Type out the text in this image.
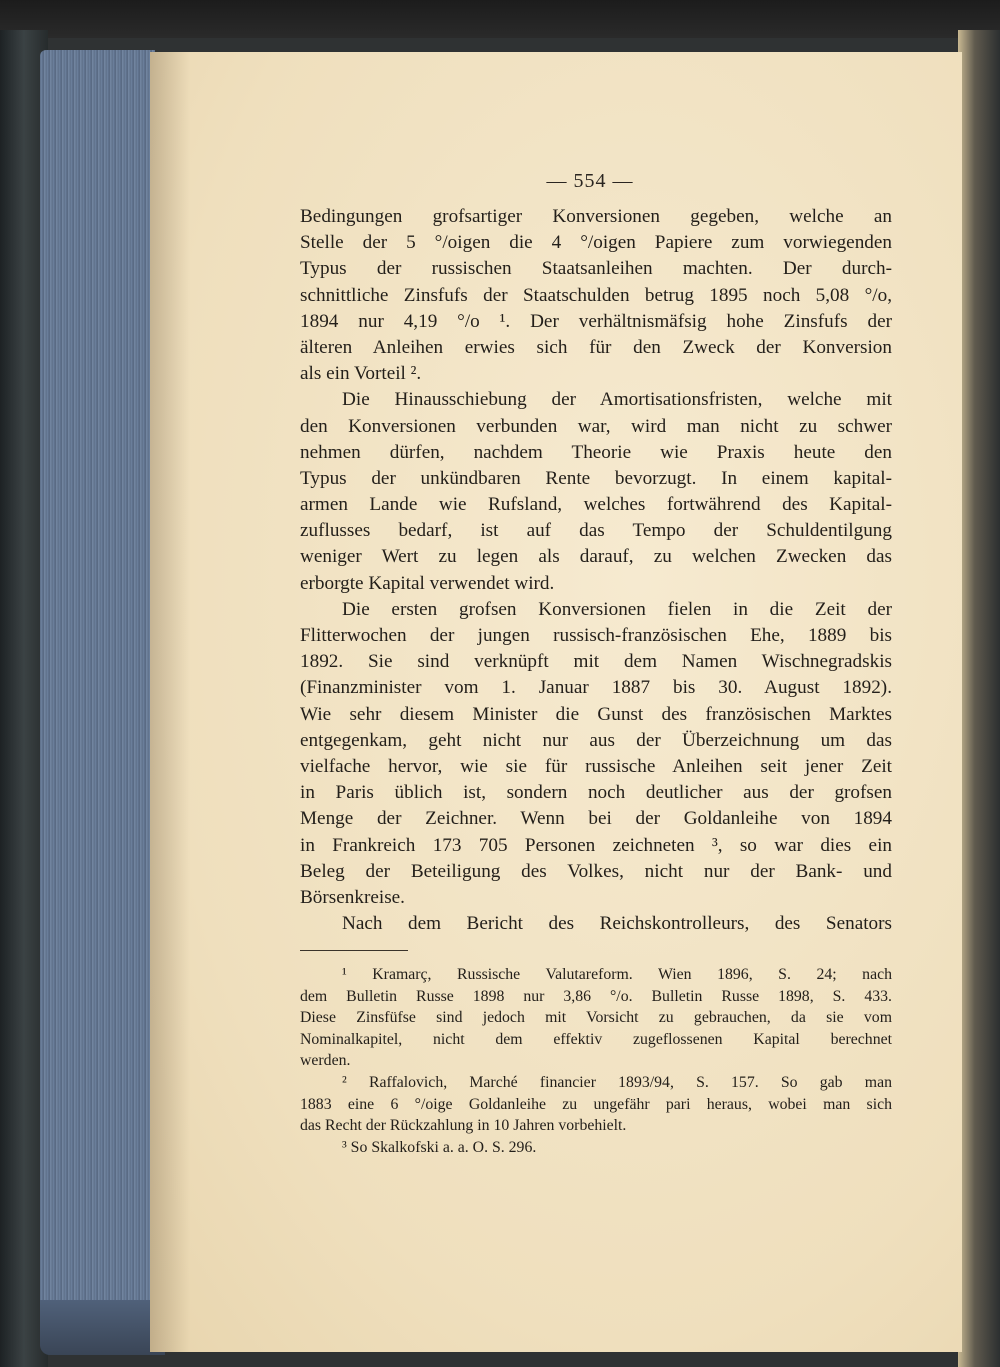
— 554 —
Bedingungen grofsartiger Konversionen gegeben, welche an
Stelle der 5 °/oigen die 4 °/oigen Papiere zum vorwiegenden
Typus der russischen Staatsanleihen machten. Der durch-
schnittliche Zinsfufs der Staatschulden betrug 1895 noch 5,08 °/o,
1894 nur 4,19 °/o ¹. Der verhältnismäfsig hohe Zinsfufs der
älteren Anleihen erwies sich für den Zweck der Konversion
als ein Vorteil ².
Die Hinausschiebung der Amortisationsfristen, welche mit
den Konversionen verbunden war, wird man nicht zu schwer
nehmen dürfen, nachdem Theorie wie Praxis heute den
Typus der unkündbaren Rente bevorzugt. In einem kapital-
armen Lande wie Rufsland, welches fortwährend des Kapital-
zuflusses bedarf, ist auf das Tempo der Schuldentilgung
weniger Wert zu legen als darauf, zu welchen Zwecken das
erborgte Kapital verwendet wird.
Die ersten grofsen Konversionen fielen in die Zeit der
Flitterwochen der jungen russisch-französischen Ehe, 1889 bis
1892. Sie sind verknüpft mit dem Namen Wischnegradskis
(Finanzminister vom 1. Januar 1887 bis 30. August 1892).
Wie sehr diesem Minister die Gunst des französischen Marktes
entgegenkam, geht nicht nur aus der Überzeichnung um das
vielfache hervor, wie sie für russische Anleihen seit jener Zeit
in Paris üblich ist, sondern noch deutlicher aus der grofsen
Menge der Zeichner. Wenn bei der Goldanleihe von 1894
in Frankreich 173 705 Personen zeichneten ³, so war dies ein
Beleg der Beteiligung des Volkes, nicht nur der Bank- und
Börsenkreise.
Nach dem Bericht des Reichskontrolleurs, des Senators
¹ Kramarç, Russische Valutareform. Wien 1896, S. 24; nach
dem Bulletin Russe 1898 nur 3,86 °/o. Bulletin Russe 1898, S. 433.
Diese Zinsfüfse sind jedoch mit Vorsicht zu gebrauchen, da sie vom
Nominalkapitel, nicht dem effektiv zugeflossenen Kapital berechnet
werden.
² Raffalovich, Marché financier 1893/94, S. 157. So gab man
1883 eine 6 °/oige Goldanleihe zu ungefähr pari heraus, wobei man sich
das Recht der Rückzahlung in 10 Jahren vorbehielt.
³ So Skalkofski a. a. O. S. 296.
